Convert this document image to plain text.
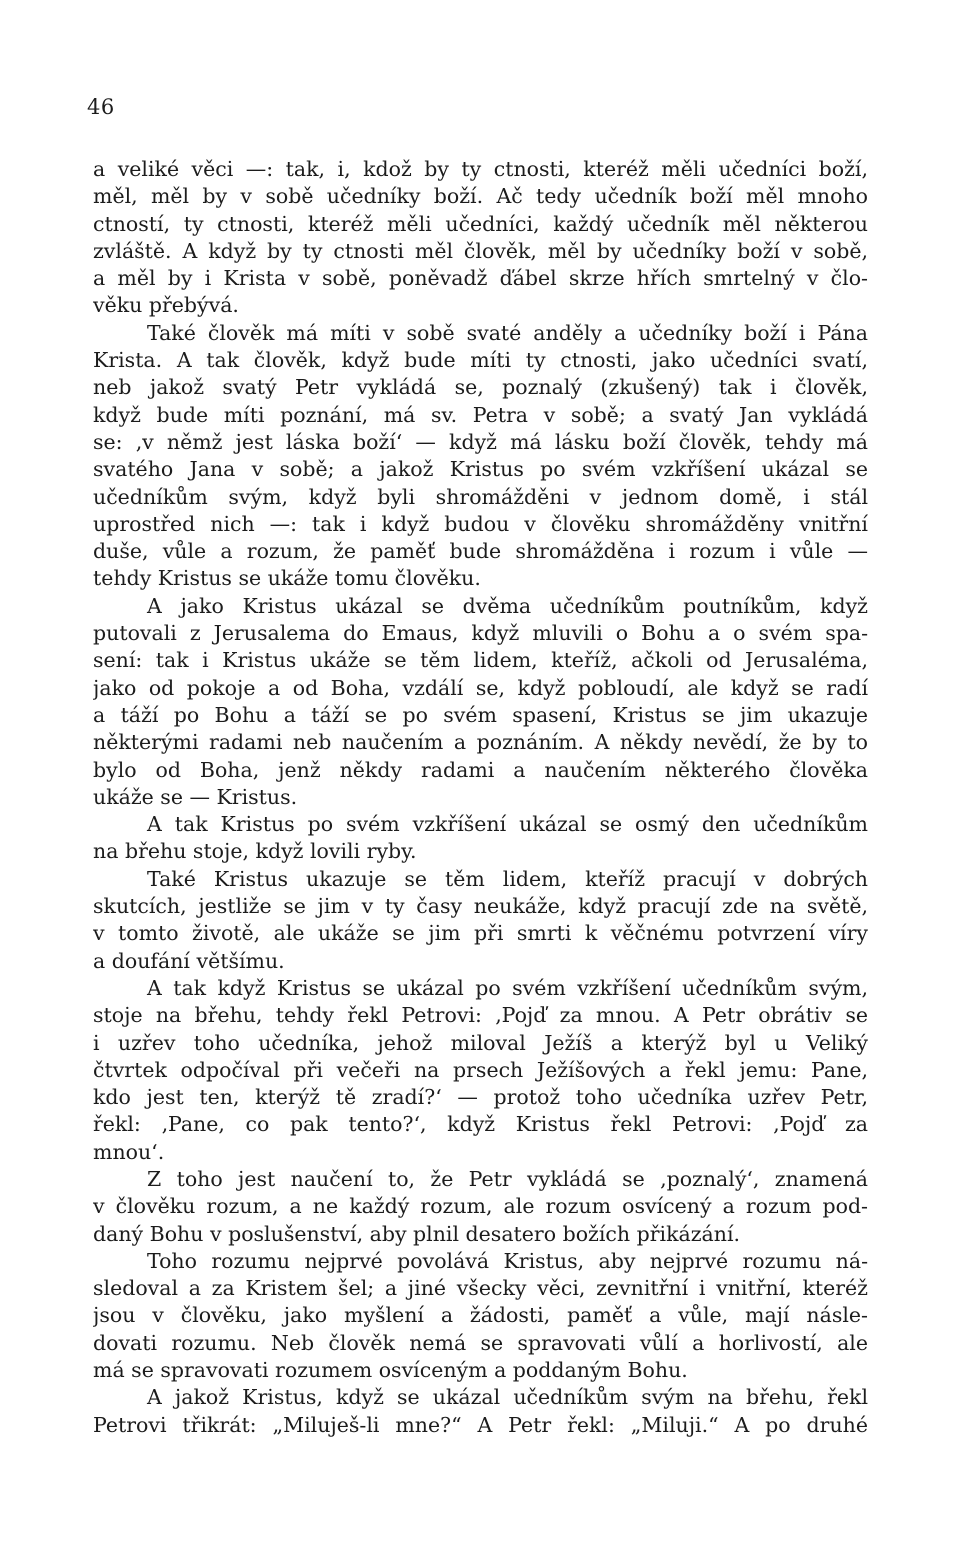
46
a veliké věci —: tak, i, kdož by ty ctnosti, kteréž měli učedníci boží,
měl, měl by v sobě učedníky boží. Ač tedy učedník boží měl mnoho
ctností, ty ctnosti, kteréž měli učedníci, každý učedník měl některou
zvláště. A když by ty ctnosti měl člověk, měl by učedníky boží v sobě,
a měl by i Krista v sobě, poněvadž ďábel skrze hřích smrtelný v člo-
věku přebývá.
Také člověk má míti v sobě svaté anděly a učedníky boží i Pána
Krista. A tak člověk, když bude míti ty ctnosti, jako učedníci svatí,
neb jakož svatý Petr vykládá se, poznalý (zkušený) tak i člověk,
když bude míti poznání, má sv. Petra v sobě; a svatý Jan vykládá
se: ‚v němž jest láska boží‘ — když má lásku boží člověk, tehdy má
svatého Jana v sobě; a jakož Kristus po svém vzkříšení ukázal se
učedníkům svým, když byli shromážděni v jednom domě, i stál
uprostřed nich —: tak i když budou v člověku shromážděny vnitřní
duše, vůle a rozum, že paměť bude shromážděna i rozum i vůle —
tehdy Kristus se ukáže tomu člověku.
A jako Kristus ukázal se dvěma učedníkům poutníkům, když
putovali z Jerusalema do Emaus, když mluvili o Bohu a o svém spa-
sení: tak i Kristus ukáže se těm lidem, kteříž, ačkoli od Jerusaléma,
jako od pokoje a od Boha, vzdálí se, když pobloudí, ale když se radí
a táží po Bohu a táží se po svém spasení, Kristus se jim ukazuje
některými radami neb naučením a poznáním. A někdy nevědí, že by to
bylo od Boha, jenž někdy radami a naučením některého člověka
ukáže se — Kristus.
A tak Kristus po svém vzkříšení ukázal se osmý den učedníkům
na břehu stoje, když lovili ryby.
Také Kristus ukazuje se těm lidem, kteříž pracují v dobrých
skutcích, jestliže se jim v ty časy neukáže, když pracují zde na světě,
v tomto životě, ale ukáže se jim při smrti k věčnému potvrzení víry
a doufání většímu.
A tak když Kristus se ukázal po svém vzkříšení učedníkům svým,
stoje na břehu, tehdy řekl Petrovi: ‚Pojď za mnou. A Petr obrátiv se
i uzřev toho učedníka, jehož miloval Ježíš a kterýž byl u Veliký
čtvrtek odpočíval při večeři na prsech Ježíšových a řekl jemu: Pane,
kdo jest ten, kterýž tě zradí?‘ — protož toho učedníka uzřev Petr,
řekl: ‚Pane, co pak tento?‘, když Kristus řekl Petrovi: ‚Pojď za
mnou‘.
Z toho jest naučení to, že Petr vykládá se ‚poznalý‘, znamená
v člověku rozum, a ne každý rozum, ale rozum osvícený a rozum pod-
daný Bohu v poslušenství, aby plnil desatero božích přikázání.
Toho rozumu nejprvé povolává Kristus, aby nejprvé rozumu ná-
sledoval a za Kristem šel; a jiné všecky věci, zevnitřní i vnitřní, kteréž
jsou v člověku, jako myšlení a žádosti, paměť a vůle, mají násle-
dovati rozumu. Neb člověk nemá se spravovati vůlí a horlivostí, ale
má se spravovati rozumem osvíceným a poddaným Bohu.
A jakož Kristus, když se ukázal učedníkům svým na břehu, řekl
Petrovi třikrát: „Miluješ-li mne?“ A Petr řekl: „Miluji.“ A po druhé
